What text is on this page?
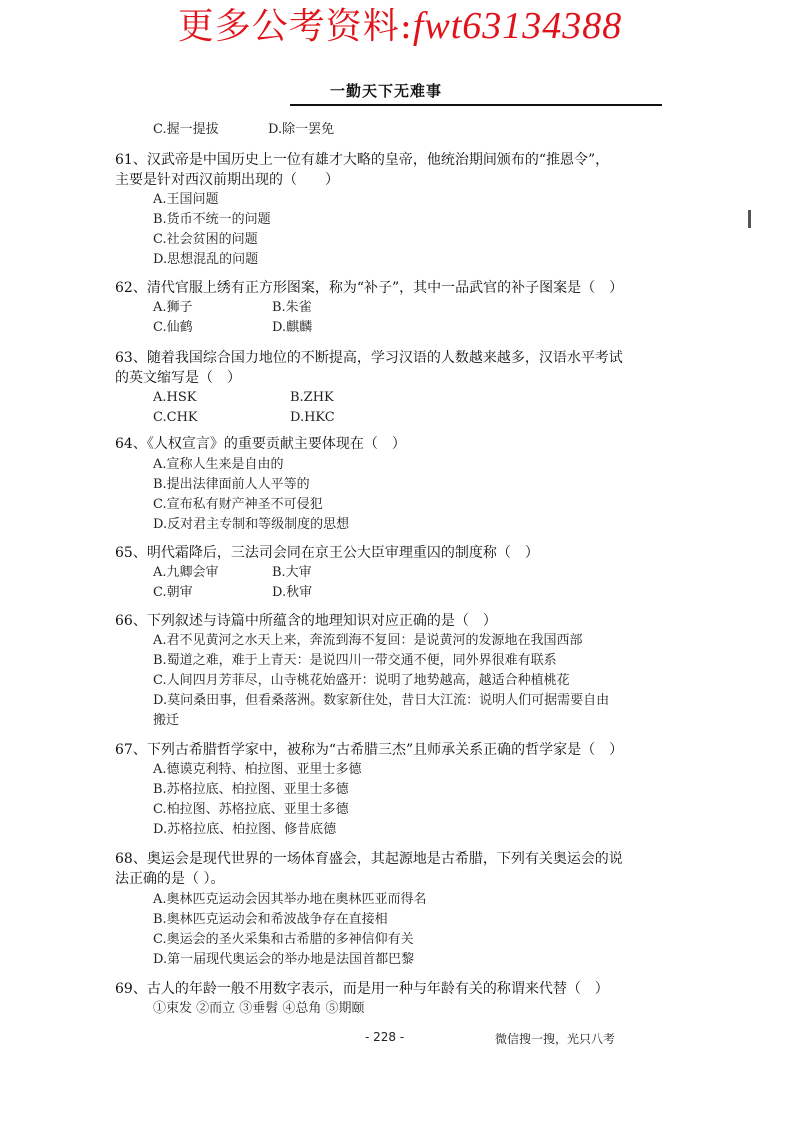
更多公考资料:fwt63134388
一勤天下无难事
C.握一提拔	D.除一罢免
61、汉武帝是中国历史上一位有雄才大略的皇帝，他统治期间颁布的“推恩令”，
主要是针对西汉前期出现的（　　）
A.王国问题
B.货币不统一的问题
C.社会贫困的问题
D.思想混乱的问题
62、清代官服上绣有正方形图案，称为“补子”，其中一品武官的补子图案是（　）
A.狮子	B.朱雀
C.仙鹤	D.麒麟
63、随着我国综合国力地位的不断提高，学习汉语的人数越来越多，汉语水平考试
的英文缩写是（　）
A.HSK	B.ZHK
C.CHK	D.HKC
64、《人权宣言》的重要贡献主要体现在（　）
A.宣称人生来是自由的
B.提出法律面前人人平等的
C.宣布私有财产神圣不可侵犯
D.反对君主专制和等级制度的思想
65、明代霜降后，三法司会同在京王公大臣审理重囚的制度称（　）
A.九卿会审	B.大审
C.朝审	D.秋审
66、下列叙述与诗篇中所蕴含的地理知识对应正确的是（　）
A.君不见黄河之水天上来，奔流到海不复回：是说黄河的发源地在我国西部
B.蜀道之难，难于上青天：是说四川一带交通不便，同外界很难有联系
C.人间四月芳菲尽，山寺桃花始盛开：说明了地势越高，越适合种植桃花
D.莫问桑田事，但看桑落洲。数家新住处，昔日大江流：说明人们可据需要自由
搬迁
67、下列古希腊哲学家中，被称为“古希腊三杰”且师承关系正确的哲学家是（　）
A.德谟克利特、柏拉图、亚里士多德
B.苏格拉底、柏拉图、亚里士多德
C.柏拉图、苏格拉底、亚里士多德
D.苏格拉底、柏拉图、修昔底德
68、奥运会是现代世界的一场体育盛会，其起源地是古希腊，下列有关奥运会的说
法正确的是（ ）。
A.奥林匹克运动会因其举办地在奥林匹亚而得名
B.奥林匹克运动会和希波战争存在直接相
C.奥运会的圣火采集和古希腊的多神信仰有关
D.第一届现代奥运会的举办地是法国首都巴黎
69、古人的年龄一般不用数字表示，而是用一种与年龄有关的称谓来代替（　）
①束发 ②而立 ③垂髫 ④总角 ⑤期颐
- 228 -	微信搜一搜，光只八考
